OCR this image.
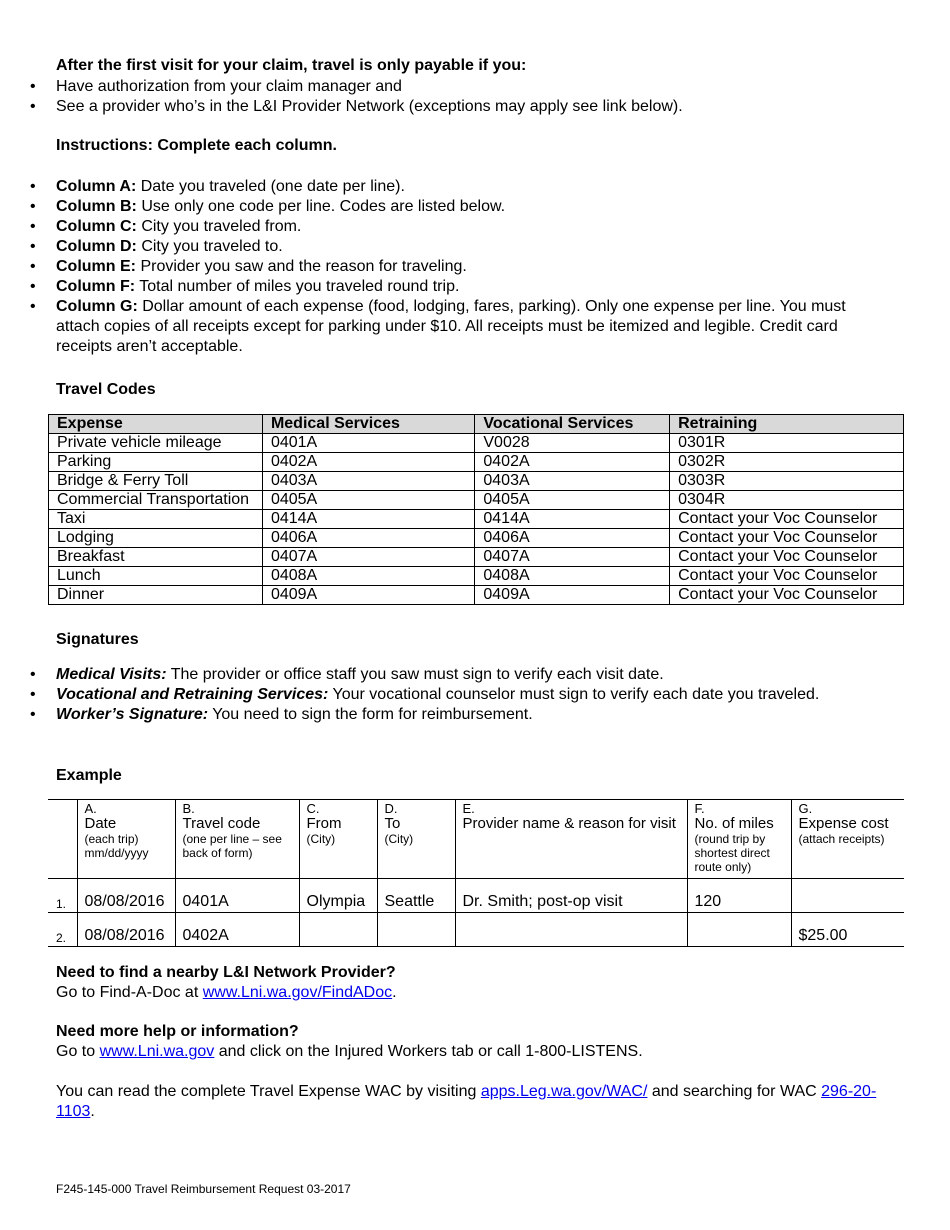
After the first visit for your claim, travel is only payable if you:
• Have authorization from your claim manager and
• See a provider who’s in the L&I Provider Network (exceptions may apply see link below).
Instructions: Complete each column.
• Column A: Date you traveled (one date per line).
• Column B: Use only one code per line. Codes are listed below.
• Column C: City you traveled from.
• Column D: City you traveled to.
• Column E: Provider you saw and the reason for traveling.
• Column F: Total number of miles you traveled round trip.
• Column G: Dollar amount of each expense (food, lodging, fares, parking). Only one expense per line. You must attach copies of all receipts except for parking under $10. All receipts must be itemized and legible. Credit card receipts aren’t acceptable.
Travel Codes
Expense	Medical Services	Vocational Services	Retraining
Private vehicle mileage	0401A	V0028	0301R
Parking	0402A	0402A	0302R
Bridge & Ferry Toll	0403A	0403A	0303R
Commercial Transportation	0405A	0405A	0304R
Taxi	0414A	0414A	Contact your Voc Counselor
Lodging	0406A	0406A	Contact your Voc Counselor
Breakfast	0407A	0407A	Contact your Voc Counselor
Lunch	0408A	0408A	Contact your Voc Counselor
Dinner	0409A	0409A	Contact your Voc Counselor
Signatures
• Medical Visits: The provider or office staff you saw must sign to verify each visit date.
• Vocational and Retraining Services: Your vocational counselor must sign to verify each date you traveled.
• Worker’s Signature: You need to sign the form for reimbursement.
Example

	A.
Date
(each trip) mm/dd/yyyy	B.
Travel code
(one per line – see back of form)	C.
From
(City)	D.
To
(City)	E.
Provider name & reason for visit	F.
No. of miles
(round trip by shortest direct route only)	G.
Expense cost
(attach receipts)

1.	08/08/2016	0401A	Olympia	Seattle	Dr. Smith; post-op visit	120	
2.	08/08/2016	0402A					$25.00
Need to find a nearby L&I Network Provider?
Go to Find-A-Doc at www.Lni.wa.gov/FindADoc.
Need more help or information?
Go to www.Lni.wa.gov and click on the Injured Workers tab or call 1-800-LISTENS.
You can read the complete Travel Expense WAC by visiting apps.Leg.wa.gov/WAC/ and searching for WAC 296-20-1103.
F245-145-000 Travel Reimbursement Request 03-2017
